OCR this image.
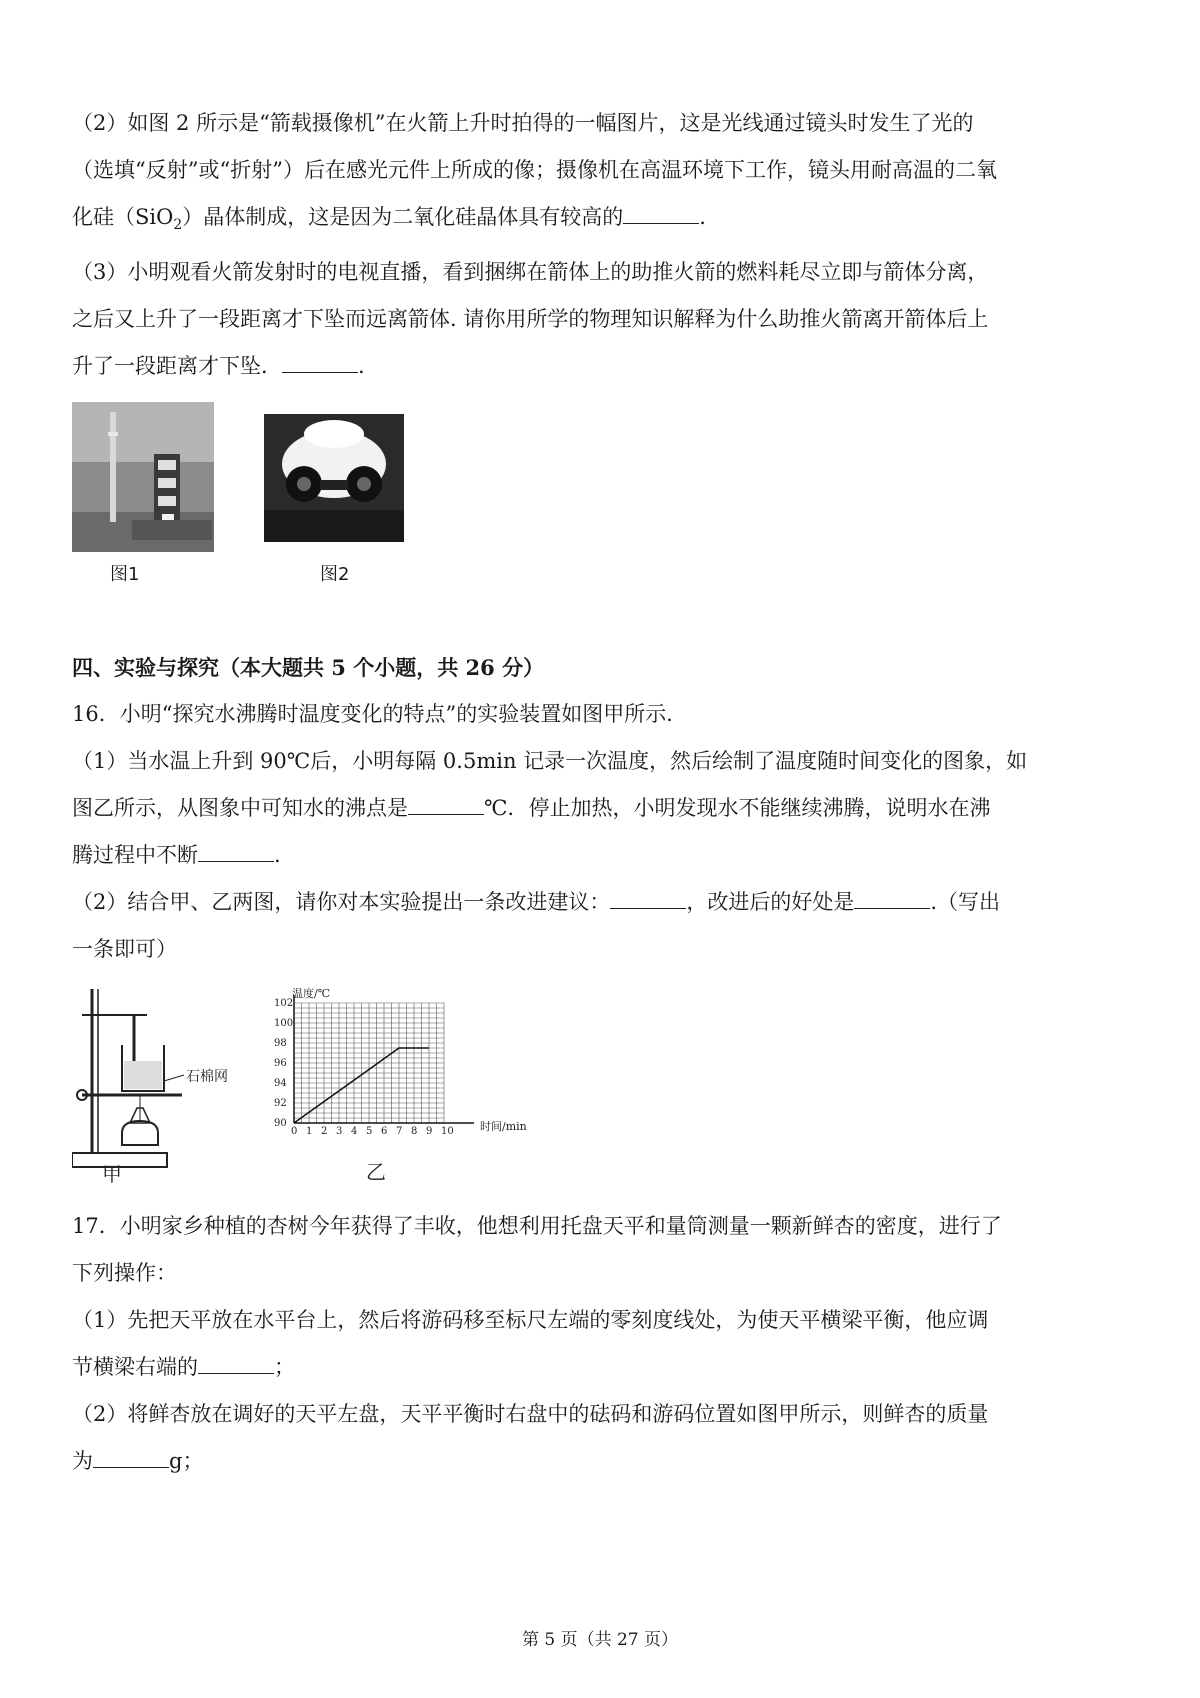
（2）如图 2 所示是“箭载摄像机”在火箭上升时拍得的一幅图片，这是光线通过镜头时发生了光的

（选填“反射”或“折射”）后在感光元件上所成的像；摄像机在高温环境下工作，镜头用耐高温的二氧

化硅（SiO$_2$）晶体制成，这是因为二氧化硅晶体具有较高的	.

（3）小明观看火箭发射时的电视直播，看到捆绑在箭体上的助推火箭的燃料耗尽立即与箭体分离，

之后又上升了一段距离才下坠而远离箭体. 请你用所学的物理知识解释为什么助推火箭离开箭体后上

升了一段距离才下坠．	.

图1	图2

四、实验与探究（本大题共 5 个小题，共 26 分）

16．小明“探究水沸腾时温度变化的特点”的实验装置如图甲所示．

（1）当水温上升到 90℃后，小明每隔 0.5min 记录一次温度，然后绘制了温度随时间变化的图象，如

图乙所示，从图象中可知水的沸点是	℃．停止加热，小明发现水不能继续沸腾，说明水在沸

腾过程中不断	.

（2）结合甲、乙两图，请你对本实验提出一条改进建议：	，改进后的好处是	.（写出

一条即可）

石棉网
甲
0 1 2 3 4 5 6 7 8 9 10
90
92
94
96
98
100
102
温度/℃
时间/min
乙

17．小明家乡种植的杏树今年获得了丰收，他想利用托盘天平和量筒测量一颗新鲜杏的密度，进行了

下列操作：

（1）先把天平放在水平台上，然后将游码移至标尺左端的零刻度线处，为使天平横梁平衡，他应调

节横梁右端的	；

（2）将鲜杏放在调好的天平左盘，天平平衡时右盘中的砝码和游码位置如图甲所示，则鲜杏的质量

为	g；

第 5 页（共 27 页）
